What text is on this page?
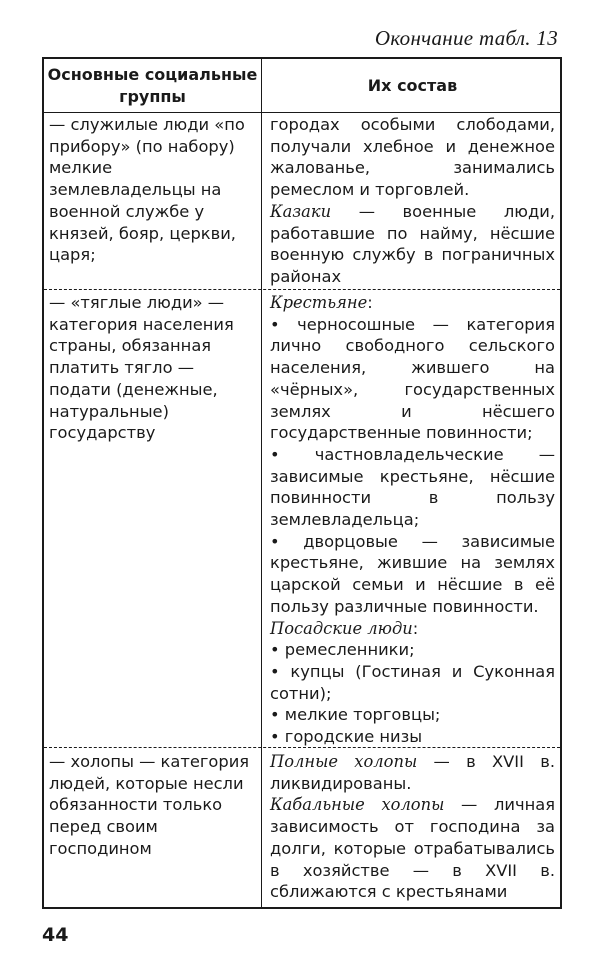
Окончание табл. 13
Основные социальные группы
Их состав
— служилые люди «по прибору» (по набору) мелкие землевладельцы на военной службе у князей, бояр, церкви, царя;

городах особыми слободами, получали хлебное и денежное жалованье, занимались ремеслом и торговлей.

Казаки — военные люди, работавшие по найму, нёсшие военную службу в пограничных районах

— «тяглые люди» — категория населения страны, обязанная платить тягло — подати (денежные, натуральные) государству

Крестьяне:

• черносошные — категория лично свободного сельского населения, жившего на «чёрных», государственных землях и нёсшего государственные повинности;

• частновладельческие — зависимые крестьяне, нёсшие повинности в пользу землевладельца;

• дворцовые — зависимые крестьяне, жившие на землях царской семьи и нёсшие в её пользу различные повинности.

Посадские люди:

• ремесленники;

• купцы (Гостиная и Суконная сотни);

• мелкие торговцы;

• городские низы

— холопы — категория людей, которые несли обязанности только перед своим господином

Полные холопы — в XVII в. ликвидированы.

Кабальные холопы — личная зависимость от господина за долги, которые отрабатывались в хозяйстве — в XVII в. сближаются с крестьянами

44
